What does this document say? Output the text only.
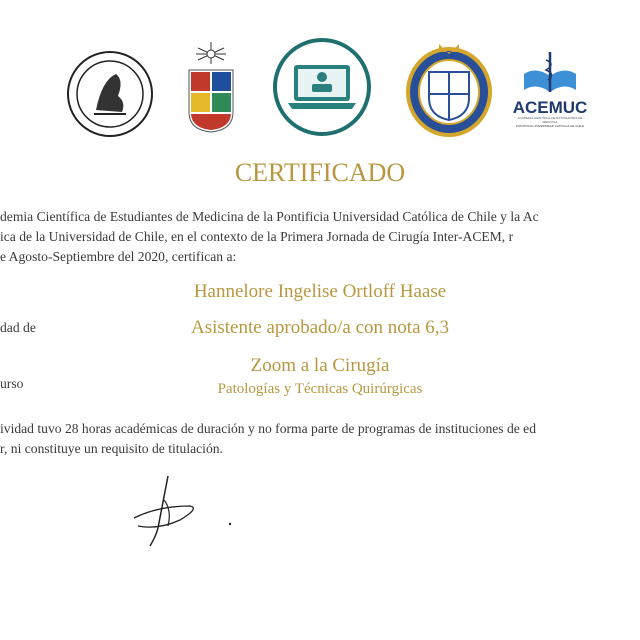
ACEMUC
ACADEMIA CIENTÍFICA DE ESTUDIANTES DE MEDICINA
PONTIFICIA UNIVERSIDAD CATÓLICA DE CHILE
CERTIFICADO
demia Científica de Estudiantes de Medicina de la Pontificia Universidad Católica de Chile y la Ac
ica de la Universidad de Chile, en el contexto de la Primera Jornada de Cirugía Inter-ACEM, r
e Agosto-Septiembre del 2020, certifican a:
Hannelore Ingelise Ortloff Haase
dad de	Asistente aprobado/a con nota 6,3
Zoom a la Cirugía
urso	Patologías y Técnicas Quirúrgicas
ividad tuvo 28 horas académicas de duración y no forma parte de programas de instituciones de ed
r, ni constituye un requisito de titulación.
